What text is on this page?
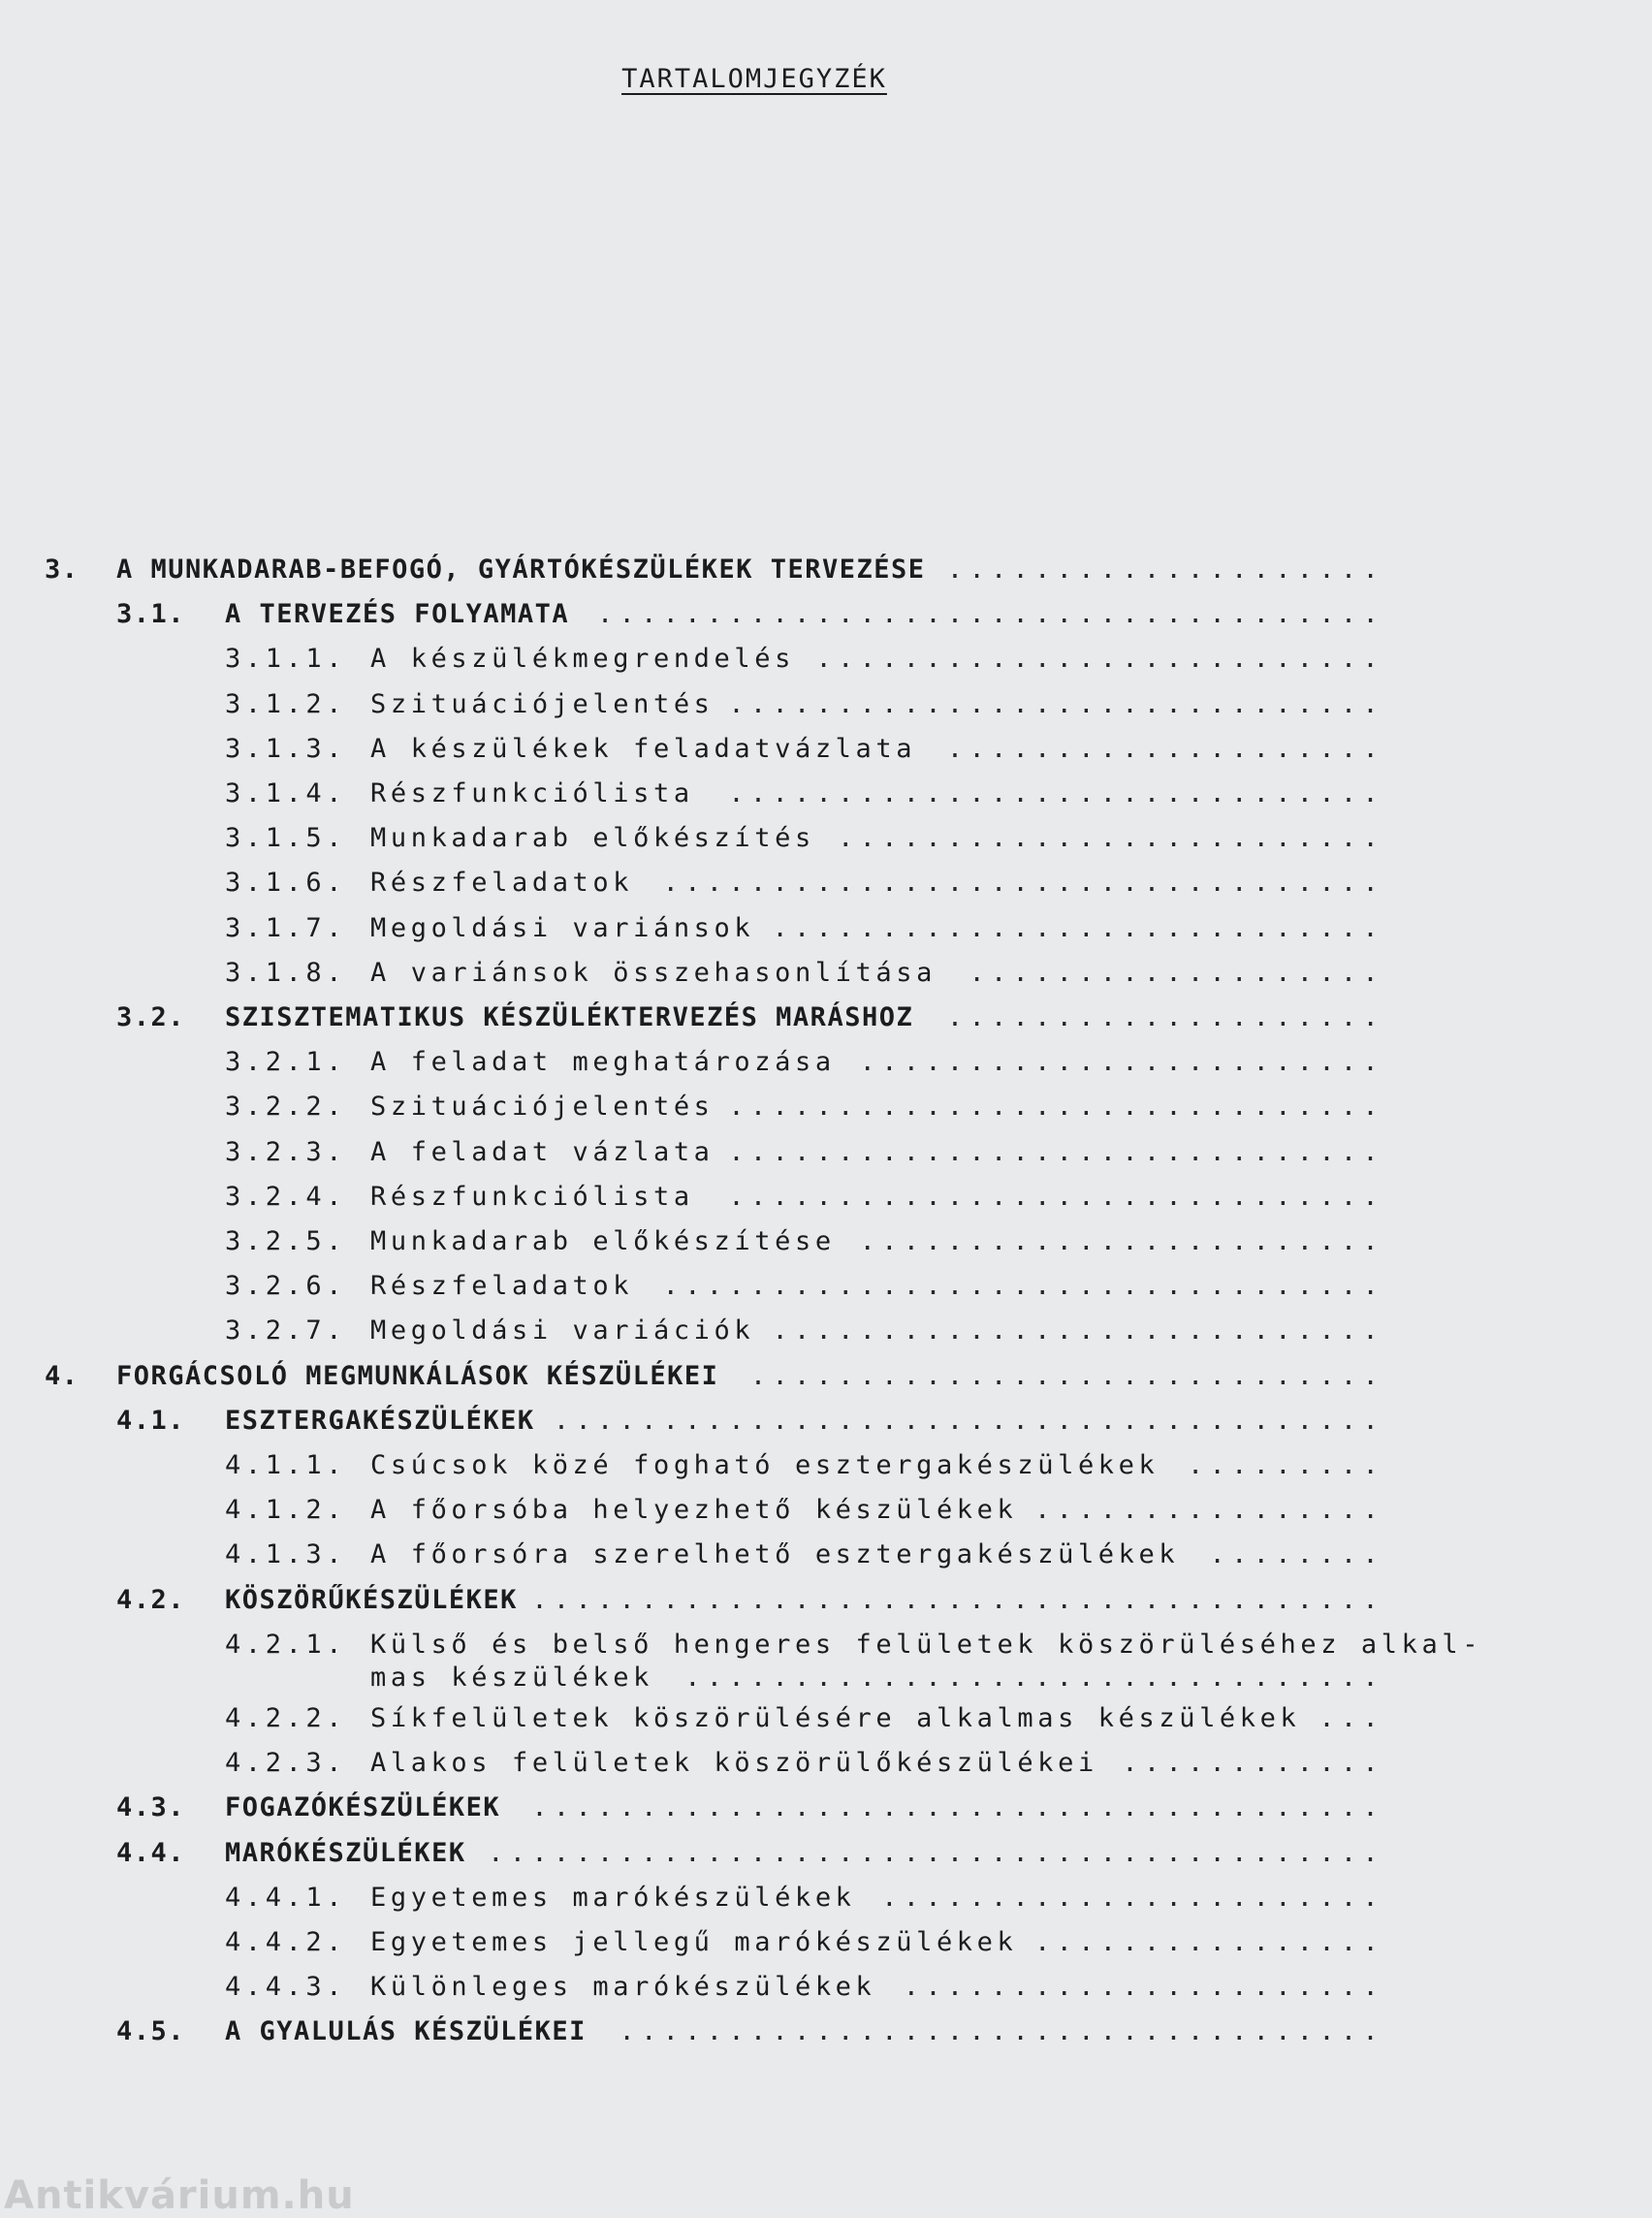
TARTALOMJEGYZÉK
3. A MUNKADARAB-BEFOGÓ, GYÁRTÓKÉSZÜLÉKEK TERVEZÉSE ....................
3.1. A TERVEZÉS FOLYAMATA ....................................
3.1.1. A készülékmegrendelés ..........................
3.1.2. Szituációjelentés ..............................
3.1.3. A készülékek feladatvázlata ....................
3.1.4. Részfunkciólista ..............................
3.1.5. Munkadarab előkészítés .........................
3.1.6. Részfeladatok .................................
3.1.7. Megoldási variánsok ............................
3.1.8. A variánsok összehasonlítása ...................
3.2. SZISZTEMATIKUS KÉSZÜLÉKTERVEZÉS MARÁSHOZ ....................
3.2.1. A feladat meghatározása ........................
3.2.2. Szituációjelentés ..............................
3.2.3. A feladat vázlata ..............................
3.2.4. Részfunkciólista ..............................
3.2.5. Munkadarab előkészítése ........................
3.2.6. Részfeladatok .................................
3.2.7. Megoldási variációk ............................
4. FORGÁCSOLÓ MEGMUNKÁLÁSOK KÉSZÜLÉKEI .............................
4.1. ESZTERGAKÉSZÜLÉKEK ......................................
4.1.1. Csúcsok közé fogható esztergakészülékek .........
4.1.2. A főorsóba helyezhető készülékek ................
4.1.3. A főorsóra szerelhető esztergakészülékek ........
4.2. KÖSZÖRŰKÉSZÜLÉKEK .......................................
4.2.1. Külső és belső hengeres felületek köszörüléséhez alkal-
mas készülékek ................................
4.2.2. Síkfelületek köszörülésére alkalmas készülékek ...
4.2.3. Alakos felületek köszörülőkészülékei ............
4.3. FOGAZÓKÉSZÜLÉKEK .......................................
4.4. MARÓKÉSZÜLÉKEK .........................................
4.4.1. Egyetemes marókészülékek .......................
4.4.2. Egyetemes jellegű marókészülékek ................
4.4.3. Különleges marókészülékek ......................
4.5. A GYALULÁS KÉSZÜLÉKEI ...................................
Antikvárium.hu
